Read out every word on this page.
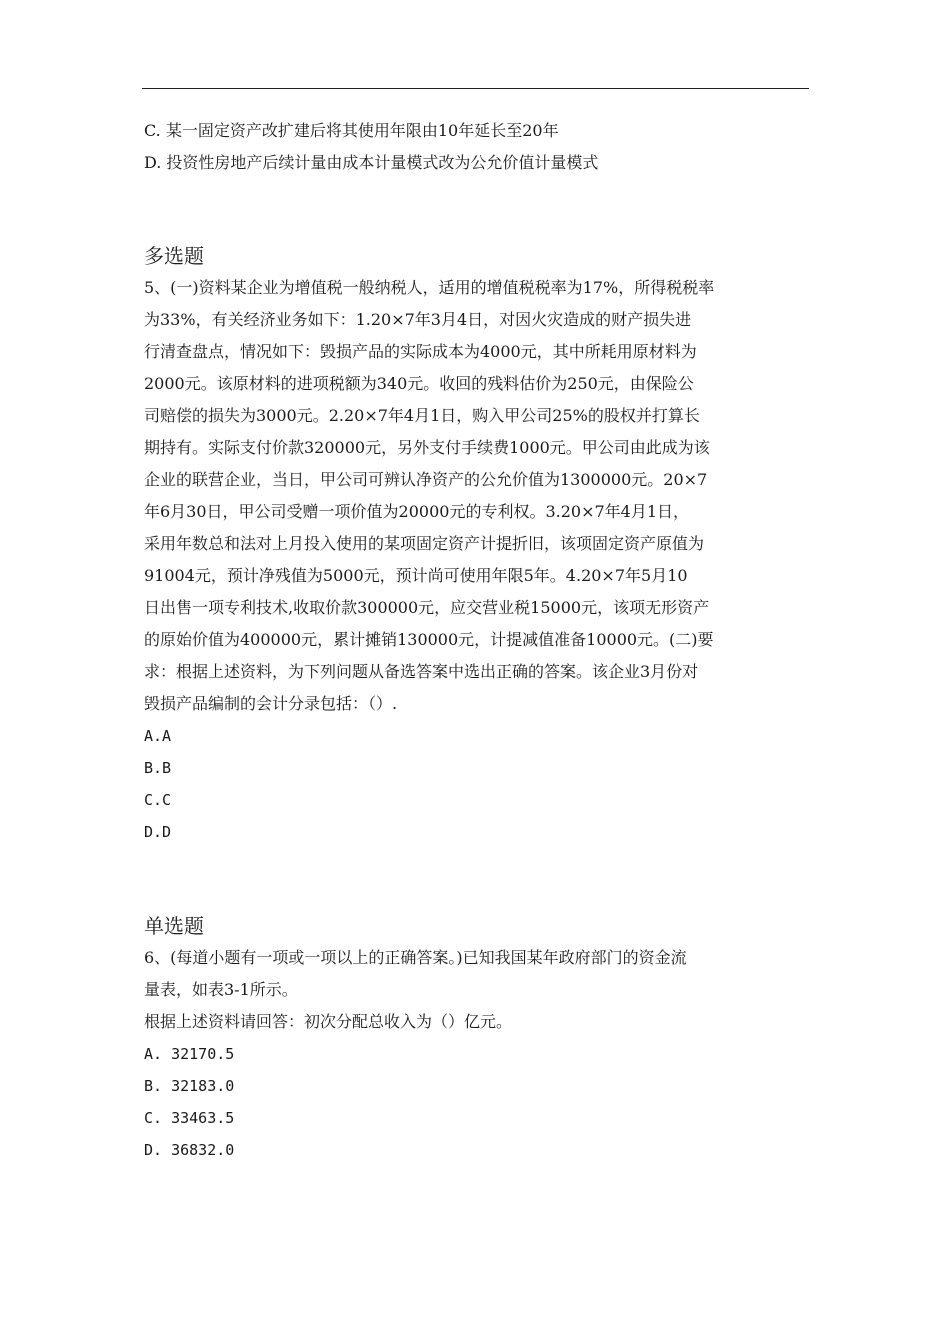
C. 某一固定资产改扩建后将其使用年限由10年延长至20年
D. 投资性房地产后续计量由成本计量模式改为公允价值计量模式
多选题
5、(一)资料某企业为增值税一般纳税人，适用的增值税税率为17%，所得税税率
为33%，有关经济业务如下：1.20×7年3月4日，对因火灾造成的财产损失进
行清查盘点，情况如下：毁损产品的实际成本为4000元，其中所耗用原材料为
2000元。该原材料的进项税额为340元。收回的残料估价为250元，由保险公
司赔偿的损失为3000元。2.20×7年4月1日，购入甲公司25%的股权并打算长
期持有。实际支付价款320000元，另外支付手续费1000元。甲公司由此成为该
企业的联营企业，当日，甲公司可辨认净资产的公允价值为1300000元。20×7
年6月30日，甲公司受赠一项价值为20000元的专利权。3.20×7年4月1日，
采用年数总和法对上月投入使用的某项固定资产计提折旧，该项固定资产原值为
91004元，预计净残值为5000元，预计尚可使用年限5年。4.20×7年5月10
日出售一项专利技术,收取价款300000元，应交营业税15000元，该项无形资产
的原始价值为400000元，累计摊销130000元，计提减值准备10000元。(二)要
求：根据上述资料，为下列问题从备选答案中选出正确的答案。该企业3月份对
毁损产品编制的会计分录包括：（）.
A.A
B.B
C.C
D.D
单选题
6、(每道小题有一项或一项以上的正确答案。)已知我国某年政府部门的资金流
量表，如表3-1所示。
根据上述资料请回答：初次分配总收入为（）亿元。
A. 32170.5
B. 32183.0
C. 33463.5
D. 36832.0
